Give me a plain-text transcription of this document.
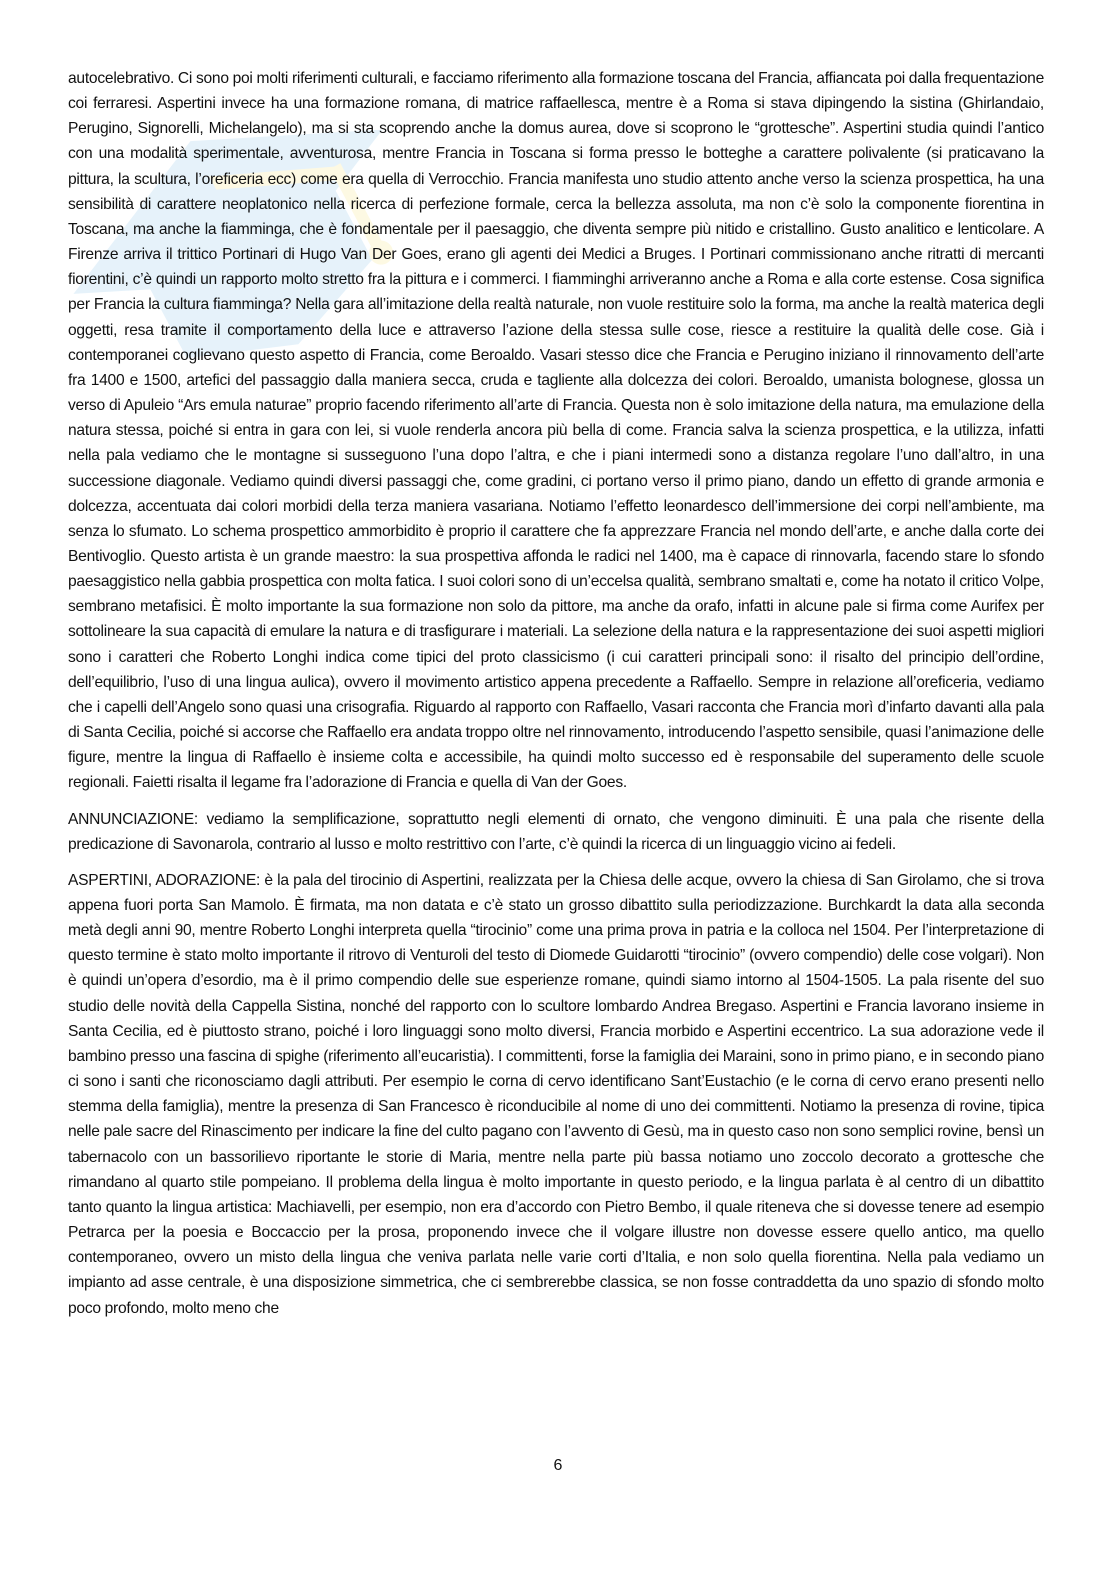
autocelebrativo. Ci sono poi molti riferimenti culturali, e facciamo riferimento alla formazione toscana del Francia, affiancata poi dalla frequentazione coi ferraresi. Aspertini invece ha una formazione romana, di matrice raffaellesca, mentre è a Roma si stava dipingendo la sistina (Ghirlandaio, Perugino, Signorelli, Michelangelo), ma si sta scoprendo anche la domus aurea, dove si scoprono le “grottesche”. Aspertini studia quindi l’antico con una modalità sperimentale, avventurosa, mentre Francia in Toscana si forma presso le botteghe a carattere polivalente (si praticavano la pittura, la scultura, l’oreficeria ecc) come era quella di Verrocchio. Francia manifesta uno studio attento anche verso la scienza prospettica, ha una sensibilità di carattere neoplatonico nella ricerca di perfezione formale, cerca la bellezza assoluta, ma non c’è solo la componente fiorentina in Toscana, ma anche la fiamminga, che è fondamentale per il paesaggio, che diventa sempre più nitido e cristallino. Gusto analitico e lenticolare. A Firenze arriva il trittico Portinari di Hugo Van Der Goes, erano gli agenti dei Medici a Bruges. I Portinari commissionano anche ritratti di mercanti fiorentini, c’è quindi un rapporto molto stretto fra la pittura e i commerci. I fiamminghi arriveranno anche a Roma e alla corte estense. Cosa significa per Francia la cultura fiamminga? Nella gara all’imitazione della realtà naturale, non vuole restituire solo la forma, ma anche la realtà materica degli oggetti, resa tramite il comportamento della luce e attraverso l’azione della stessa sulle cose, riesce a restituire la qualità delle cose. Già i contemporanei coglievano questo aspetto di Francia, come Beroaldo. Vasari stesso dice che Francia e Perugino iniziano il rinnovamento dell’arte fra 1400 e 1500, artefici del passaggio dalla maniera secca, cruda e tagliente alla dolcezza dei colori. Beroaldo, umanista bolognese, glossa un verso di Apuleio “Ars emula naturae” proprio facendo riferimento all’arte di Francia. Questa non è solo imitazione della natura, ma emulazione della natura stessa, poiché si entra in gara con lei, si vuole renderla ancora più bella di come. Francia salva la scienza prospettica, e la utilizza, infatti nella pala vediamo che le montagne si susseguono l’una dopo l’altra, e che i piani intermedi sono a distanza regolare l’uno dall’altro, in una successione diagonale. Vediamo quindi diversi passaggi che, come gradini, ci portano verso il primo piano, dando un effetto di grande armonia e dolcezza, accentuata dai colori morbidi della terza maniera vasariana. Notiamo l’effetto leonardesco dell’immersione dei corpi nell’ambiente, ma senza lo sfumato. Lo schema prospettico ammorbidito è proprio il carattere che fa apprezzare Francia nel mondo dell’arte, e anche dalla corte dei Bentivoglio. Questo artista è un grande maestro: la sua prospettiva affonda le radici nel 1400, ma è capace di rinnovarla, facendo stare lo sfondo paesaggistico nella gabbia prospettica con molta fatica. I suoi colori sono di un’eccelsa qualità, sembrano smaltati e, come ha notato il critico Volpe, sembrano metafisici. È molto importante la sua formazione non solo da pittore, ma anche da orafo, infatti in alcune pale si firma come Aurifex per sottolineare la sua capacità di emulare la natura e di trasfigurare i materiali. La selezione della natura e la rappresentazione dei suoi aspetti migliori sono i caratteri che Roberto Longhi indica come tipici del proto classicismo (i cui caratteri principali sono: il risalto del principio dell’ordine, dell’equilibrio, l’uso di una lingua aulica), ovvero il movimento artistico appena precedente a Raffaello. Sempre in relazione all’oreficeria, vediamo che i capelli dell’Angelo sono quasi una crisografia. Riguardo al rapporto con Raffaello, Vasari racconta che Francia morì d’infarto davanti alla pala di Santa Cecilia, poiché si accorse che Raffaello era andata troppo oltre nel rinnovamento, introducendo l’aspetto sensibile, quasi l’animazione delle figure, mentre la lingua di Raffaello è insieme colta e accessibile, ha quindi molto successo ed è responsabile del superamento delle scuole regionali. Faietti risalta il legame fra l’adorazione di Francia e quella di Van der Goes.

ANNUNCIAZIONE: vediamo la semplificazione, soprattutto negli elementi di ornato, che vengono diminuiti. È una pala che risente della predicazione di Savonarola, contrario al lusso e molto restrittivo con l’arte, c’è quindi la ricerca di un linguaggio vicino ai fedeli.

ASPERTINI, ADORAZIONE: è la pala del tirocinio di Aspertini, realizzata per la Chiesa delle acque, ovvero la chiesa di San Girolamo, che si trova appena fuori porta San Mamolo. È firmata, ma non datata e c’è stato un grosso dibattito sulla periodizzazione. Burchkardt la data alla seconda metà degli anni 90, mentre Roberto Longhi interpreta quella “tirocinio” come una prima prova in patria e la colloca nel 1504. Per l’interpretazione di questo termine è stato molto importante il ritrovo di Venturoli del testo di Diomede Guidarotti “tirocinio” (ovvero compendio) delle cose volgari). Non è quindi un’opera d’esordio, ma è il primo compendio delle sue esperienze romane, quindi siamo intorno al 1504-1505. La pala risente del suo studio delle novità della Cappella Sistina, nonché del rapporto con lo scultore lombardo Andrea Bregaso. Aspertini e Francia lavorano insieme in Santa Cecilia, ed è piuttosto strano, poiché i loro linguaggi sono molto diversi, Francia morbido e Aspertini eccentrico. La sua adorazione vede il bambino presso una fascina di spighe (riferimento all’eucaristia). I committenti, forse la famiglia dei Maraini, sono in primo piano, e in secondo piano ci sono i santi che riconosciamo dagli attributi. Per esempio le corna di cervo identificano Sant’Eustachio (e le corna di cervo erano presenti nello stemma della famiglia), mentre la presenza di San Francesco è riconducibile al nome di uno dei committenti. Notiamo la presenza di rovine, tipica nelle pale sacre del Rinascimento per indicare la fine del culto pagano con l’avvento di Gesù, ma in questo caso non sono semplici rovine, bensì un tabernacolo con un bassorilievo riportante le storie di Maria, mentre nella parte più bassa notiamo uno zoccolo decorato a grottesche che rimandano al quarto stile pompeiano. Il problema della lingua è molto importante in questo periodo, e la lingua parlata è al centro di un dibattito tanto quanto la lingua artistica: Machiavelli, per esempio, non era d’accordo con Pietro Bembo, il quale riteneva che si dovesse tenere ad esempio Petrarca per la poesia e Boccaccio per la prosa, proponendo invece che il volgare illustre non dovesse essere quello antico, ma quello contemporaneo, ovvero un misto della lingua che veniva parlata nelle varie corti d’Italia, e non solo quella fiorentina. Nella pala vediamo un impianto ad asse centrale, è una disposizione simmetrica, che ci sembrerebbe classica, se non fosse contraddetta da uno spazio di sfondo molto poco profondo, molto meno che

6
